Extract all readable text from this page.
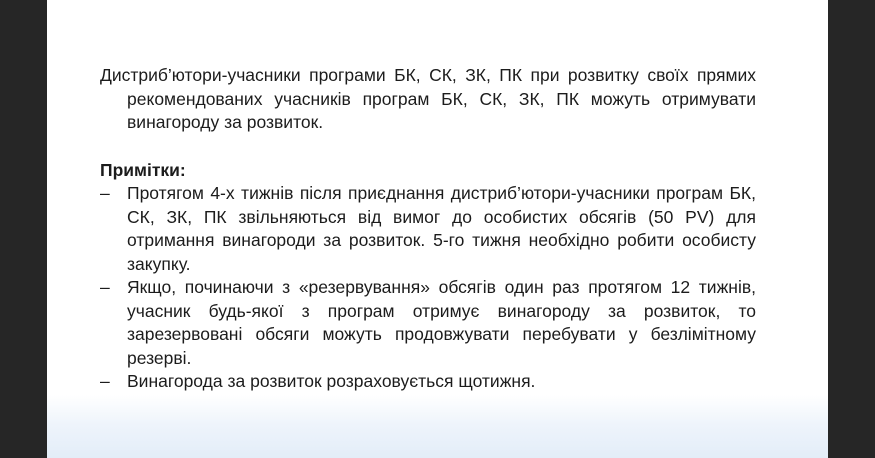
Дистриб’ютори-учасники програми БК, СК, ЗК, ПК при розвитку своїх прямих рекомендованих учасників програм БК, СК, ЗК, ПК можуть отримувати винагороду за розвиток.

Примітки:
– Протягом 4-х тижнів після приєднання дистриб’ютори-учасники програм БК, СК, ЗК, ПК звільняються від вимог до особистих обсягів (50 PV) для отримання винагороди за розвиток. 5-го тижня необхідно робити особисту закупку.
– Якщо, починаючи з «резервування» обсягів один раз протягом 12 тижнів, учасник будь-якої з програм отримує винагороду за розвиток, то зарезервовані обсяги можуть продовжувати перебувати у безлімітному резерві.
– Винагорода за розвиток розраховується щотижня.
